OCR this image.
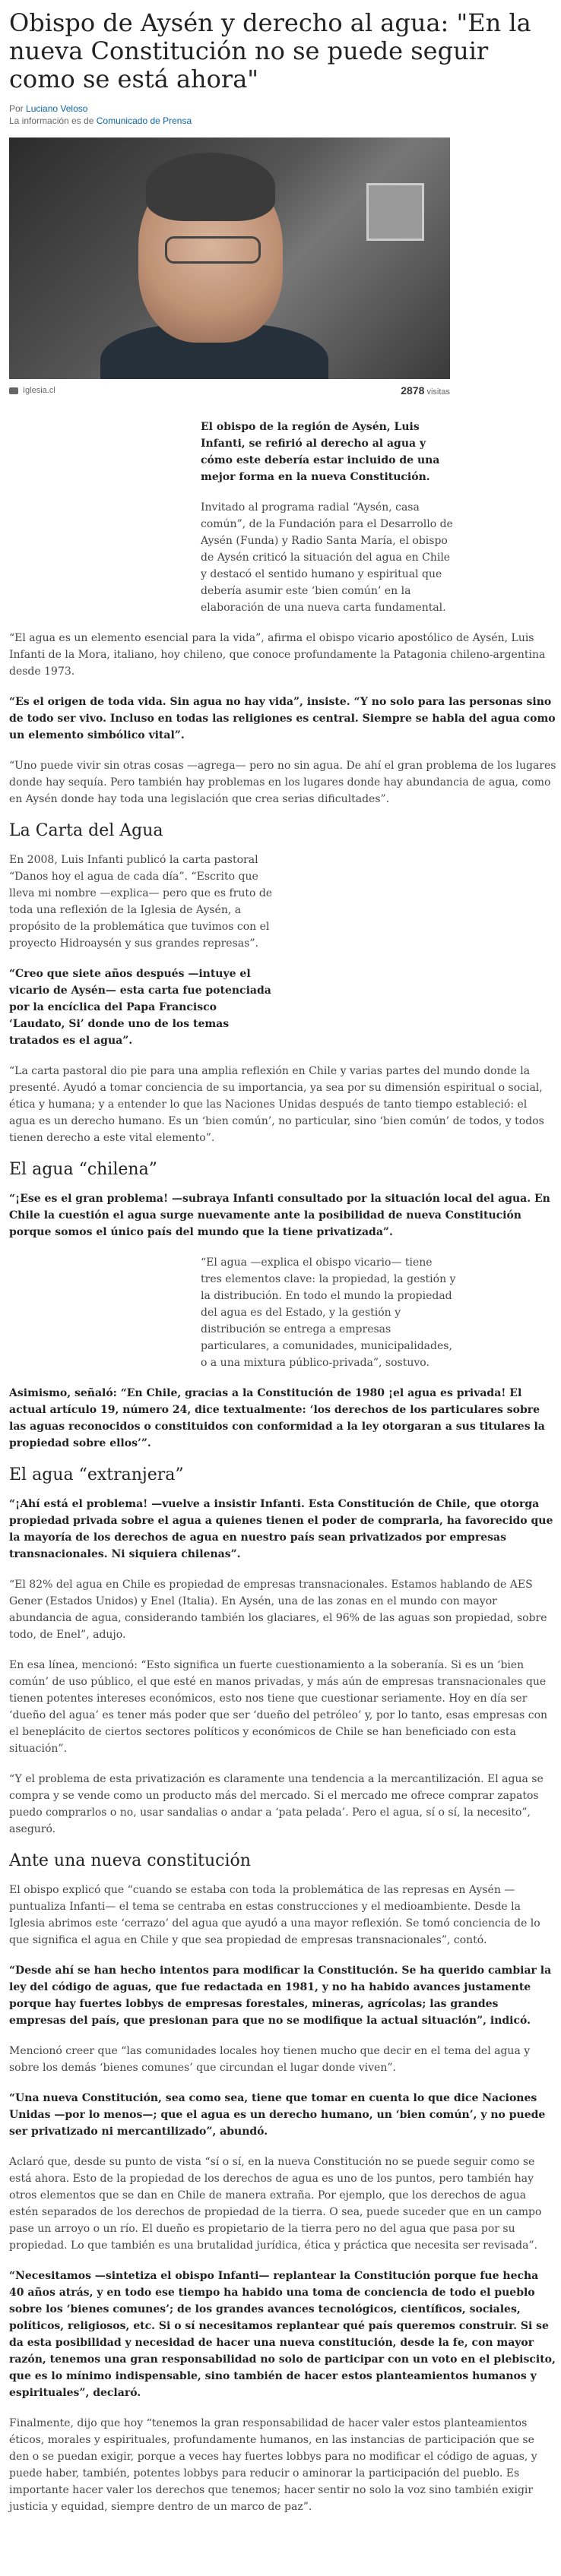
Obispo de Aysén y derecho al agua: "En la nueva Constitución no se puede seguir como se está ahora"
Por Luciano Veloso
La información es de Comunicado de Prensa
Iglesia.cl	2878 visitas

El obispo de la región de Aysén, Luis Infanti, se refirió al derecho al agua y cómo este debería estar incluido de una mejor forma en la nueva Constitución.

Invitado al programa radial “Aysén, casa común”, de la Fundación para el Desarrollo de Aysén (Funda) y Radio Santa María, el obispo de Aysén criticó la situación del agua en Chile y destacó el sentido humano y espiritual que debería asumir este ‘bien común’ en la elaboración de una nueva carta fundamental.

“El agua es un elemento esencial para la vida”, afirma el obispo vicario apostólico de Aysén, Luis Infanti de la Mora, italiano, hoy chileno, que conoce profundamente la Patagonia chileno-argentina desde 1973.

“Es el origen de toda vida. Sin agua no hay vida”, insiste. “Y no solo para las personas sino de todo ser vivo. Incluso en todas las religiones es central. Siempre se habla del agua como un elemento simbólico vital”.

“Uno puede vivir sin otras cosas —agrega— pero no sin agua. De ahí el gran problema de los lugares donde hay sequía. Pero también hay problemas en los lugares donde hay abundancia de agua, como en Aysén donde hay toda una legislación que crea serias dificultades”.

La Carta del Agua

En 2008, Luis Infanti publicó la carta pastoral “Danos hoy el agua de cada día”. “Escrito que lleva mi nombre —explica— pero que es fruto de toda una reflexión de la Iglesia de Aysén, a propósito de la problemática que tuvimos con el proyecto Hidroaysén y sus grandes represas”.

“Creo que siete años después —intuye el vicario de Aysén— esta carta fue potenciada por la encíclica del Papa Francisco ‘Laudato, Si’ donde uno de los temas tratados es el agua”.

“La carta pastoral dio pie para una amplia reflexión en Chile y varias partes del mundo donde la presenté. Ayudó a tomar conciencia de su importancia, ya sea por su dimensión espiritual o social, ética y humana; y a entender lo que las Naciones Unidas después de tanto tiempo estableció: el agua es un derecho humano. Es un ‘bien común’, no particular, sino ‘bien común’ de todos, y todos tienen derecho a este vital elemento”.

El agua “chilena”

“¡Ese es el gran problema! —subraya Infanti consultado por la situación local del agua. En Chile la cuestión el agua surge nuevamente ante la posibilidad de nueva Constitución porque somos el único país del mundo que la tiene privatizada”.

“El agua —explica el obispo vicario— tiene tres elementos clave: la propiedad, la gestión y la distribución. En todo el mundo la propiedad del agua es del Estado, y la gestión y distribución se entrega a empresas particulares, a comunidades, municipalidades, o a una mixtura público-privada”, sostuvo.

Asimismo, señaló: “En Chile, gracias a la Constitución de 1980 ¡el agua es privada! El actual artículo 19, número 24, dice textualmente: ‘los derechos de los particulares sobre las aguas reconocidos o constituidos con conformidad a la ley otorgaran a sus titulares la propiedad sobre ellos’”.

El agua “extranjera”

“¡Ahí está el problema! —vuelve a insistir Infanti. Esta Constitución de Chile, que otorga propiedad privada sobre el agua a quienes tienen el poder de comprarla, ha favorecido que la mayoría de los derechos de agua en nuestro país sean privatizados por empresas transnacionales. Ni siquiera chilenas”.

“El 82% del agua en Chile es propiedad de empresas transnacionales. Estamos hablando de AES Gener (Estados Unidos) y Enel (Italia). En Aysén, una de las zonas en el mundo con mayor abundancia de agua, considerando también los glaciares, el 96% de las aguas son propiedad, sobre todo, de Enel”, adujo.

En esa línea, mencionó: “Esto significa un fuerte cuestionamiento a la soberanía. Si es un ‘bien común’ de uso público, el que esté en manos privadas, y más aún de empresas transnacionales que tienen potentes intereses económicos, esto nos tiene que cuestionar seriamente. Hoy en día ser ‘dueño del agua’ es tener más poder que ser ‘dueño del petróleo’ y, por lo tanto, esas empresas con el beneplácito de ciertos sectores políticos y económicos de Chile se han beneficiado con esta situación”.

“Y el problema de esta privatización es claramente una tendencia a la mercantilización. El agua se compra y se vende como un producto más del mercado. Si el mercado me ofrece comprar zapatos puedo comprarlos o no, usar sandalias o andar a ‘pata pelada’. Pero el agua, sí o sí, la necesito”, aseguró.

Ante una nueva constitución

El obispo explicó que “cuando se estaba con toda la problemática de las represas en Aysén —puntualiza Infanti— el tema se centraba en estas construcciones y el medioambiente. Desde la Iglesia abrimos este ‘cerrazo’ del agua que ayudó a una mayor reflexión. Se tomó conciencia de lo que significa el agua en Chile y que sea propiedad de empresas transnacionales”, contó.

“Desde ahí se han hecho intentos para modificar la Constitución. Se ha querido cambiar la ley del código de aguas, que fue redactada en 1981, y no ha habido avances justamente porque hay fuertes lobbys de empresas forestales, mineras, agrícolas; las grandes empresas del país, que presionan para que no se modifique la actual situación”, indicó.

Mencionó creer que “las comunidades locales hoy tienen mucho que decir en el tema del agua y sobre los demás ‘bienes comunes’ que circundan el lugar donde viven”.

“Una nueva Constitución, sea como sea, tiene que tomar en cuenta lo que dice Naciones Unidas —por lo menos—; que el agua es un derecho humano, un ‘bien común’, y no puede ser privatizado ni mercantilizado”, abundó.

Aclaró que, desde su punto de vista “sí o sí, en la nueva Constitución no se puede seguir como se está ahora. Esto de la propiedad de los derechos de agua es uno de los puntos, pero también hay otros elementos que se dan en Chile de manera extraña. Por ejemplo, que los derechos de agua estén separados de los derechos de propiedad de la tierra. O sea, puede suceder que en un campo pase un arroyo o un río. El dueño es propietario de la tierra pero no del agua que pasa por su propiedad. Lo que también es una brutalidad jurídica, ética y práctica que necesita ser revisada”.

“Necesitamos —sintetiza el obispo Infanti— replantear la Constitución porque fue hecha 40 años atrás, y en todo ese tiempo ha habido una toma de conciencia de todo el pueblo sobre los ‘bienes comunes’; de los grandes avances tecnológicos, científicos, sociales, políticos, religiosos, etc. Si o sí necesitamos replantear qué país queremos construir. Si se da esta posibilidad y necesidad de hacer una nueva constitución, desde la fe, con mayor razón, tenemos una gran responsabilidad no solo de participar con un voto en el plebiscito, que es lo mínimo indispensable, sino también de hacer estos planteamientos humanos y espirituales”, declaró.

Finalmente, dijo que hoy “tenemos la gran responsabilidad de hacer valer estos planteamientos éticos, morales y espirituales, profundamente humanos, en las instancias de participación que se den o se puedan exigir, porque a veces hay fuertes lobbys para no modificar el código de aguas, y puede haber, también, potentes lobbys para reducir o aminorar la participación del pueblo. Es importante hacer valer los derechos que tenemos; hacer sentir no solo la voz sino también exigir justicia y equidad, siempre dentro de un marco de paz”.
